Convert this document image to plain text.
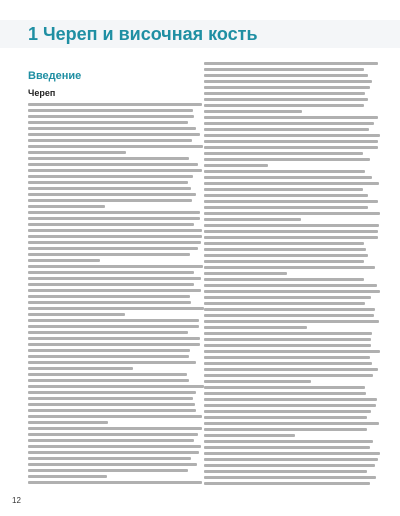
1 Череп и височная кость
Введение
Череп

12
